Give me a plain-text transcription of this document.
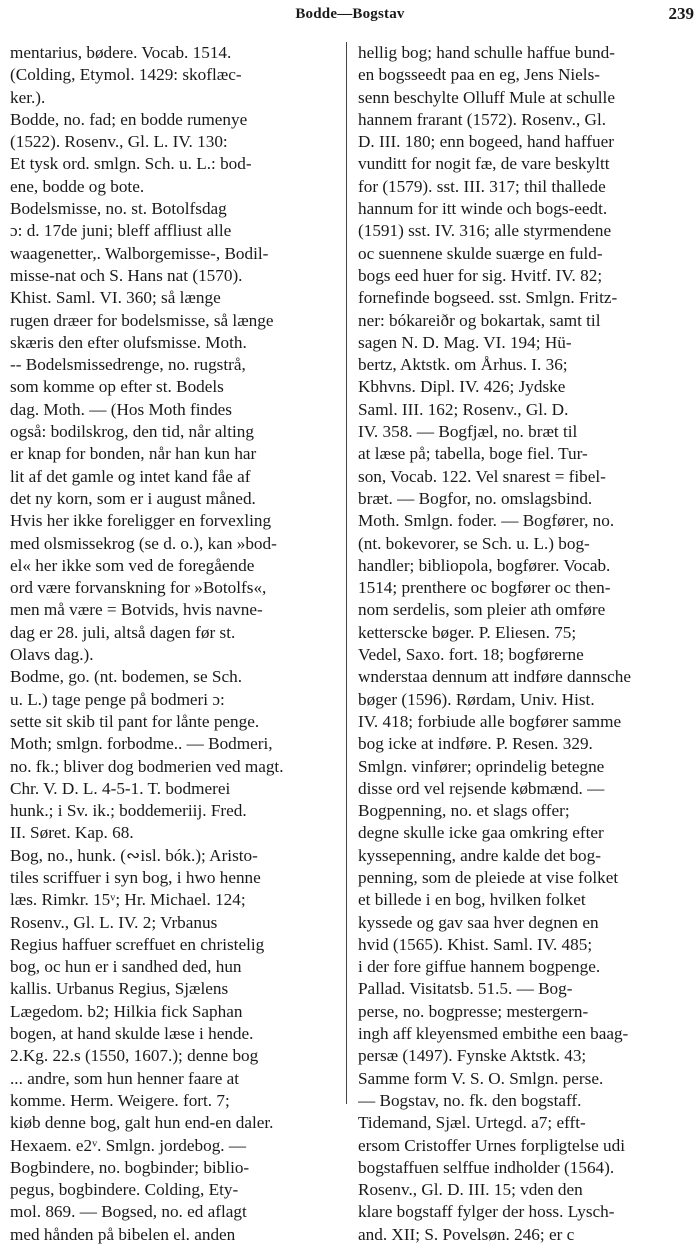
Bodde—Bogstav	239
mentarius, bødere. Vocab. 1514.
(Colding, Etymol. 1429: skoflæc-
ker.).
Bodde, no. fad; en bodde rumenye
(1522). Rosenv., Gl. L. IV. 130:
Et tysk ord. smlgn. Sch. u. L.: bod-
ene, bodde og bote.
Bodelsmisse, no. st. Botolfsdag
ɔ: d. 17de juni; bleff affliust alle
waagenetter,. Walborgemisse-, Bodil-
misse-nat och S. Hans nat (1570).
Khist. Saml. VI. 360; så længe
rugen dræer for bodelsmisse, så længe
skæris den efter olufsmisse. Moth.
-- Bodelsmissedrenge, no. rugstrå,
som komme op efter st. Bodels
dag. Moth. — (Hos Moth findes
også: bodilskrog, den tid, når alting
er knap for bonden, når han kun har
lit af det gamle og intet kand fåe af
det ny korn, som er i august måned.
Hvis her ikke foreligger en forvexling
med olsmissekrog (se d. o.), kan »bod-
el« her ikke som ved de foregående
ord være forvanskning for »Botolfs«,
men må være = Botvids, hvis navne-
dag er 28. juli, altså dagen før st.
Olavs dag.).
Bodme, go. (nt. bodemen, se Sch.
u. L.) tage penge på bodmeri ɔ:
sette sit skib til pant for lånte penge.
Moth; smlgn. forbodme.. — Bodmeri,
no. fk.; bliver dog bodmerien ved magt.
Chr. V. D. L. 4-5-1. T. bodmerei
hunk.; i Sv. ik.; boddemeriij. Fred.
II. Søret. Kap. 68.
Bog, no., hunk. (∾isl. bók.); Aristo-
tiles scriffuer i syn bog, i hwo henne
læs. Rimkr. 15ᵛ; Hr. Michael. 124;
Rosenv., Gl. L. IV. 2; Vrbanus
Regius haffuer screffuet en christelig
bog, oc hun er i sandhed ded, hun
kallis. Urbanus Regius, Sjælens
Lægedom. b2; Hilkia fick Saphan
bogen, at hand skulde læse i hende.
2.Kg. 22.s (1550, 1607.); denne bog
... andre, som hun henner faare at
komme. Herm. Weigere. fort. 7;
kiøb denne bog, galt hun end-en daler.
Hexaem. e2ᵛ. Smlgn. jordebog. —
Bogbindere, no. bogbinder; biblio-
pegus, bogbindere. Colding, Ety-
mol. 869. — Bogsed, no. ed aflagt
med hånden på bibelen el. anden
hellig bog; hand schulle haffue bund-
en bogsseedt paa en eg, Jens Niels-
senn beschylte Olluff Mule at schulle
hannem frarant (1572). Rosenv., Gl.
D. III. 180; enn bogeed, hand haffuer
vunditt for nogit fæ, de vare beskyltt
for (1579). sst. III. 317; thil thallede
hannum for itt winde och bogs-eedt.
(1591) sst. IV. 316; alle styrmendene
oc suennene skulde suærge en fuld-
bogs eed huer for sig. Hvitf. IV. 82;
fornefinde bogseed. sst. Smlgn. Fritz-
ner: bókareiðr og bokartak, samt til
sagen N. D. Mag. VI. 194; Hü-
bertz, Aktstk. om Århus. I. 36;
Kbhvns. Dipl. IV. 426; Jydske
Saml. III. 162; Rosenv., Gl. D.
IV. 358. — Bogfjæl, no. bræt til
at læse på; tabella, boge fiel. Tur-
son, Vocab. 122. Vel snarest = fibel-
bræt. — Bogfor, no. omslagsbind.
Moth. Smlgn. foder. — Bogfører, no.
(nt. bokevorer, se Sch. u. L.) bog-
handler; bibliopola, bogfører. Vocab.
1514; prenthere oc bogfører oc then-
nom serdelis, som pleier ath omføre
ketterscke bøger. P. Eliesen. 75;
Vedel, Saxo. fort. 18; bogførerne
wnderstaa dennum att indføre dannsche
bøger (1596). Rørdam, Univ. Hist.
IV. 418; forbiude alle bogfører samme
bog icke at indføre. P. Resen. 329.
Smlgn. vinfører; oprindelig betegne
disse ord vel rejsende købmænd. —
Bogpenning, no. et slags offer;
degne skulle icke gaa omkring efter
kyssepenning, andre kalde det bog-
penning, som de pleiede at vise folket
et billede i en bog, hvilken folket
kyssede og gav saa hver degnen en
hvid (1565). Khist. Saml. IV. 485;
i der fore giffue hannem bogpenge.
Pallad. Visitatsb. 51.5. — Bog-
perse, no. bogpresse; mestergern-
ingh aff kleyensmed embithe een baag-
persæ (1497). Fynske Aktstk. 43;
Samme form V. S. O. Smlgn. perse.
— Bogstav, no. fk. den bogstaff.
Tidemand, Sjæl. Urtegd. a7; efft-
ersom Cristoffer Urnes forpligtelse udi
bogstaffuen selffue indholder (1564).
Rosenv., Gl. D. III. 15; vden den
klare bogstaff fylger der hoss. Lysch-
and. XII; S. Povelsøn. 246; er c
